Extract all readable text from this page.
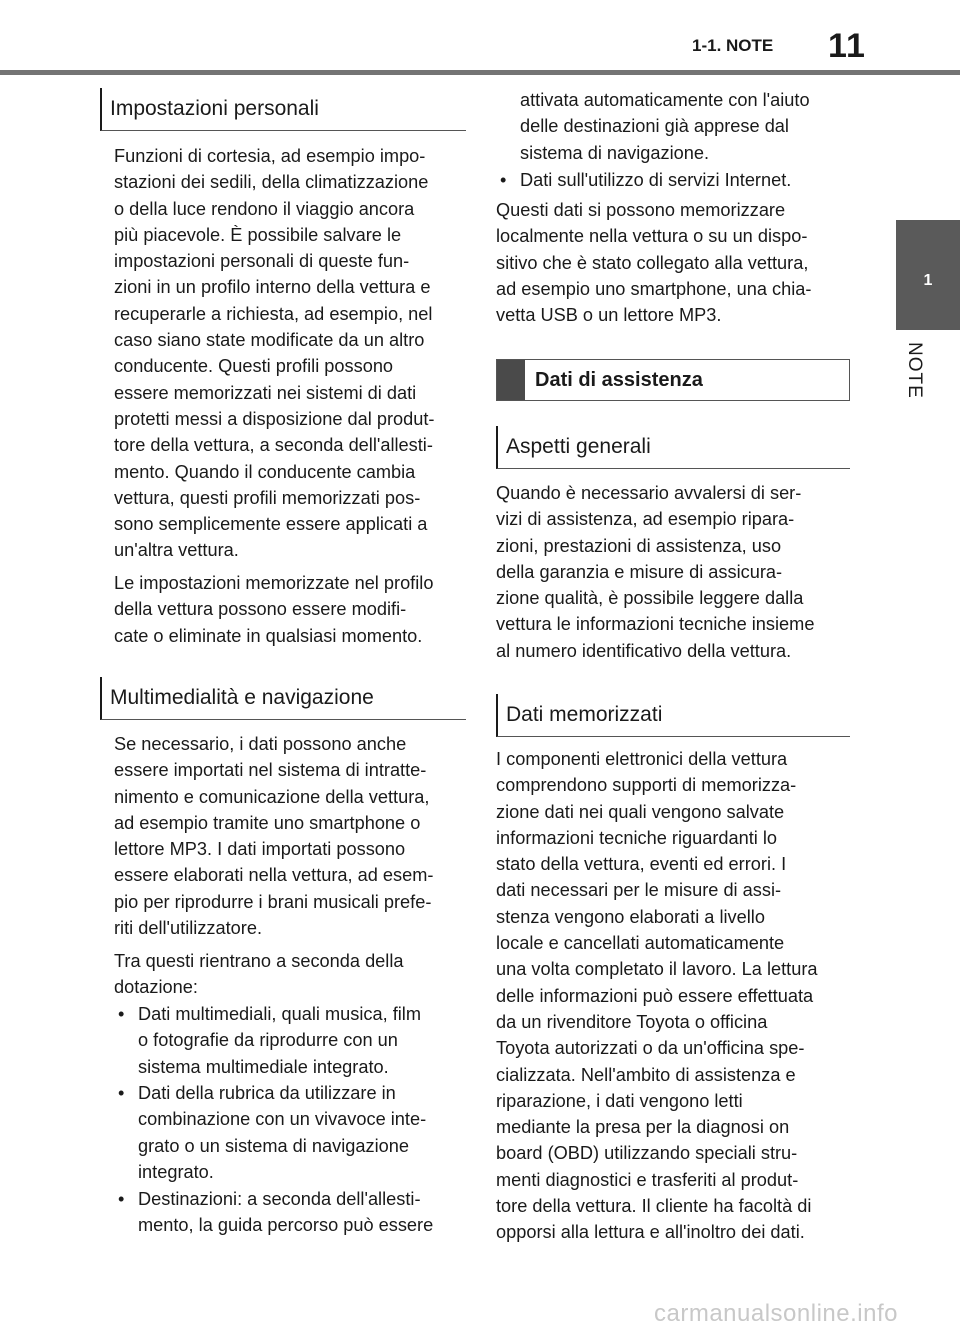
1-1. NOTE 11
1
NOTE
Impostazioni personali
Funzioni di cortesia, ad esempio impo-
stazioni dei sedili, della climatizzazione
o della luce rendono il viaggio ancora
più piacevole. È possibile salvare le
impostazioni personali di queste fun-
zioni in un profilo interno della vettura e
recuperarle a richiesta, ad esempio, nel
caso siano state modificate da un altro
conducente. Questi profili possono
essere memorizzati nei sistemi di dati
protetti messi a disposizione dal produt-
tore della vettura, a seconda dell'allesti-
mento. Quando il conducente cambia
vettura, questi profili memorizzati pos-
sono semplicemente essere applicati a
un'altra vettura.
Le impostazioni memorizzate nel profilo
della vettura possono essere modifi-
cate o eliminate in qualsiasi momento.
Multimedialità e navigazione
Se necessario, i dati possono anche
essere importati nel sistema di intratte-
nimento e comunicazione della vettura,
ad esempio tramite uno smartphone o
lettore MP3. I dati importati possono
essere elaborati nella vettura, ad esem-
pio per riprodurre i brani musicali prefe-
riti dell'utilizzatore.
Tra questi rientrano a seconda della
dotazione:
• Dati multimediali, quali musica, film
o fotografie da riprodurre con un
sistema multimediale integrato.
• Dati della rubrica da utilizzare in
combinazione con un vivavoce inte-
grato o un sistema di navigazione
integrato.
• Destinazioni: a seconda dell'allesti-
mento, la guida percorso può essere
attivata automaticamente con l'aiuto
delle destinazioni già apprese dal
sistema di navigazione.
• Dati sull'utilizzo di servizi Internet.
Questi dati si possono memorizzare
localmente nella vettura o su un dispo-
sitivo che è stato collegato alla vettura,
ad esempio uno smartphone, una chia-
vetta USB o un lettore MP3.
Dati di assistenza
Aspetti generali
Quando è necessario avvalersi di ser-
vizi di assistenza, ad esempio ripara-
zioni, prestazioni di assistenza, uso
della garanzia e misure di assicura-
zione qualità, è possibile leggere dalla
vettura le informazioni tecniche insieme
al numero identificativo della vettura.
Dati memorizzati
I componenti elettronici della vettura
comprendono supporti di memorizza-
zione dati nei quali vengono salvate
informazioni tecniche riguardanti lo
stato della vettura, eventi ed errori. I
dati necessari per le misure di assi-
stenza vengono elaborati a livello
locale e cancellati automaticamente
una volta completato il lavoro. La lettura
delle informazioni può essere effettuata
da un rivenditore Toyota o officina
Toyota autorizzati o da un'officina spe-
cializzata. Nell'ambito di assistenza e
riparazione, i dati vengono letti
mediante la presa per la diagnosi on
board (OBD) utilizzando speciali stru-
menti diagnostici e trasferiti al produt-
tore della vettura. Il cliente ha facoltà di
opporsi alla lettura e all'inoltro dei dati.
carmanualsonline.info
